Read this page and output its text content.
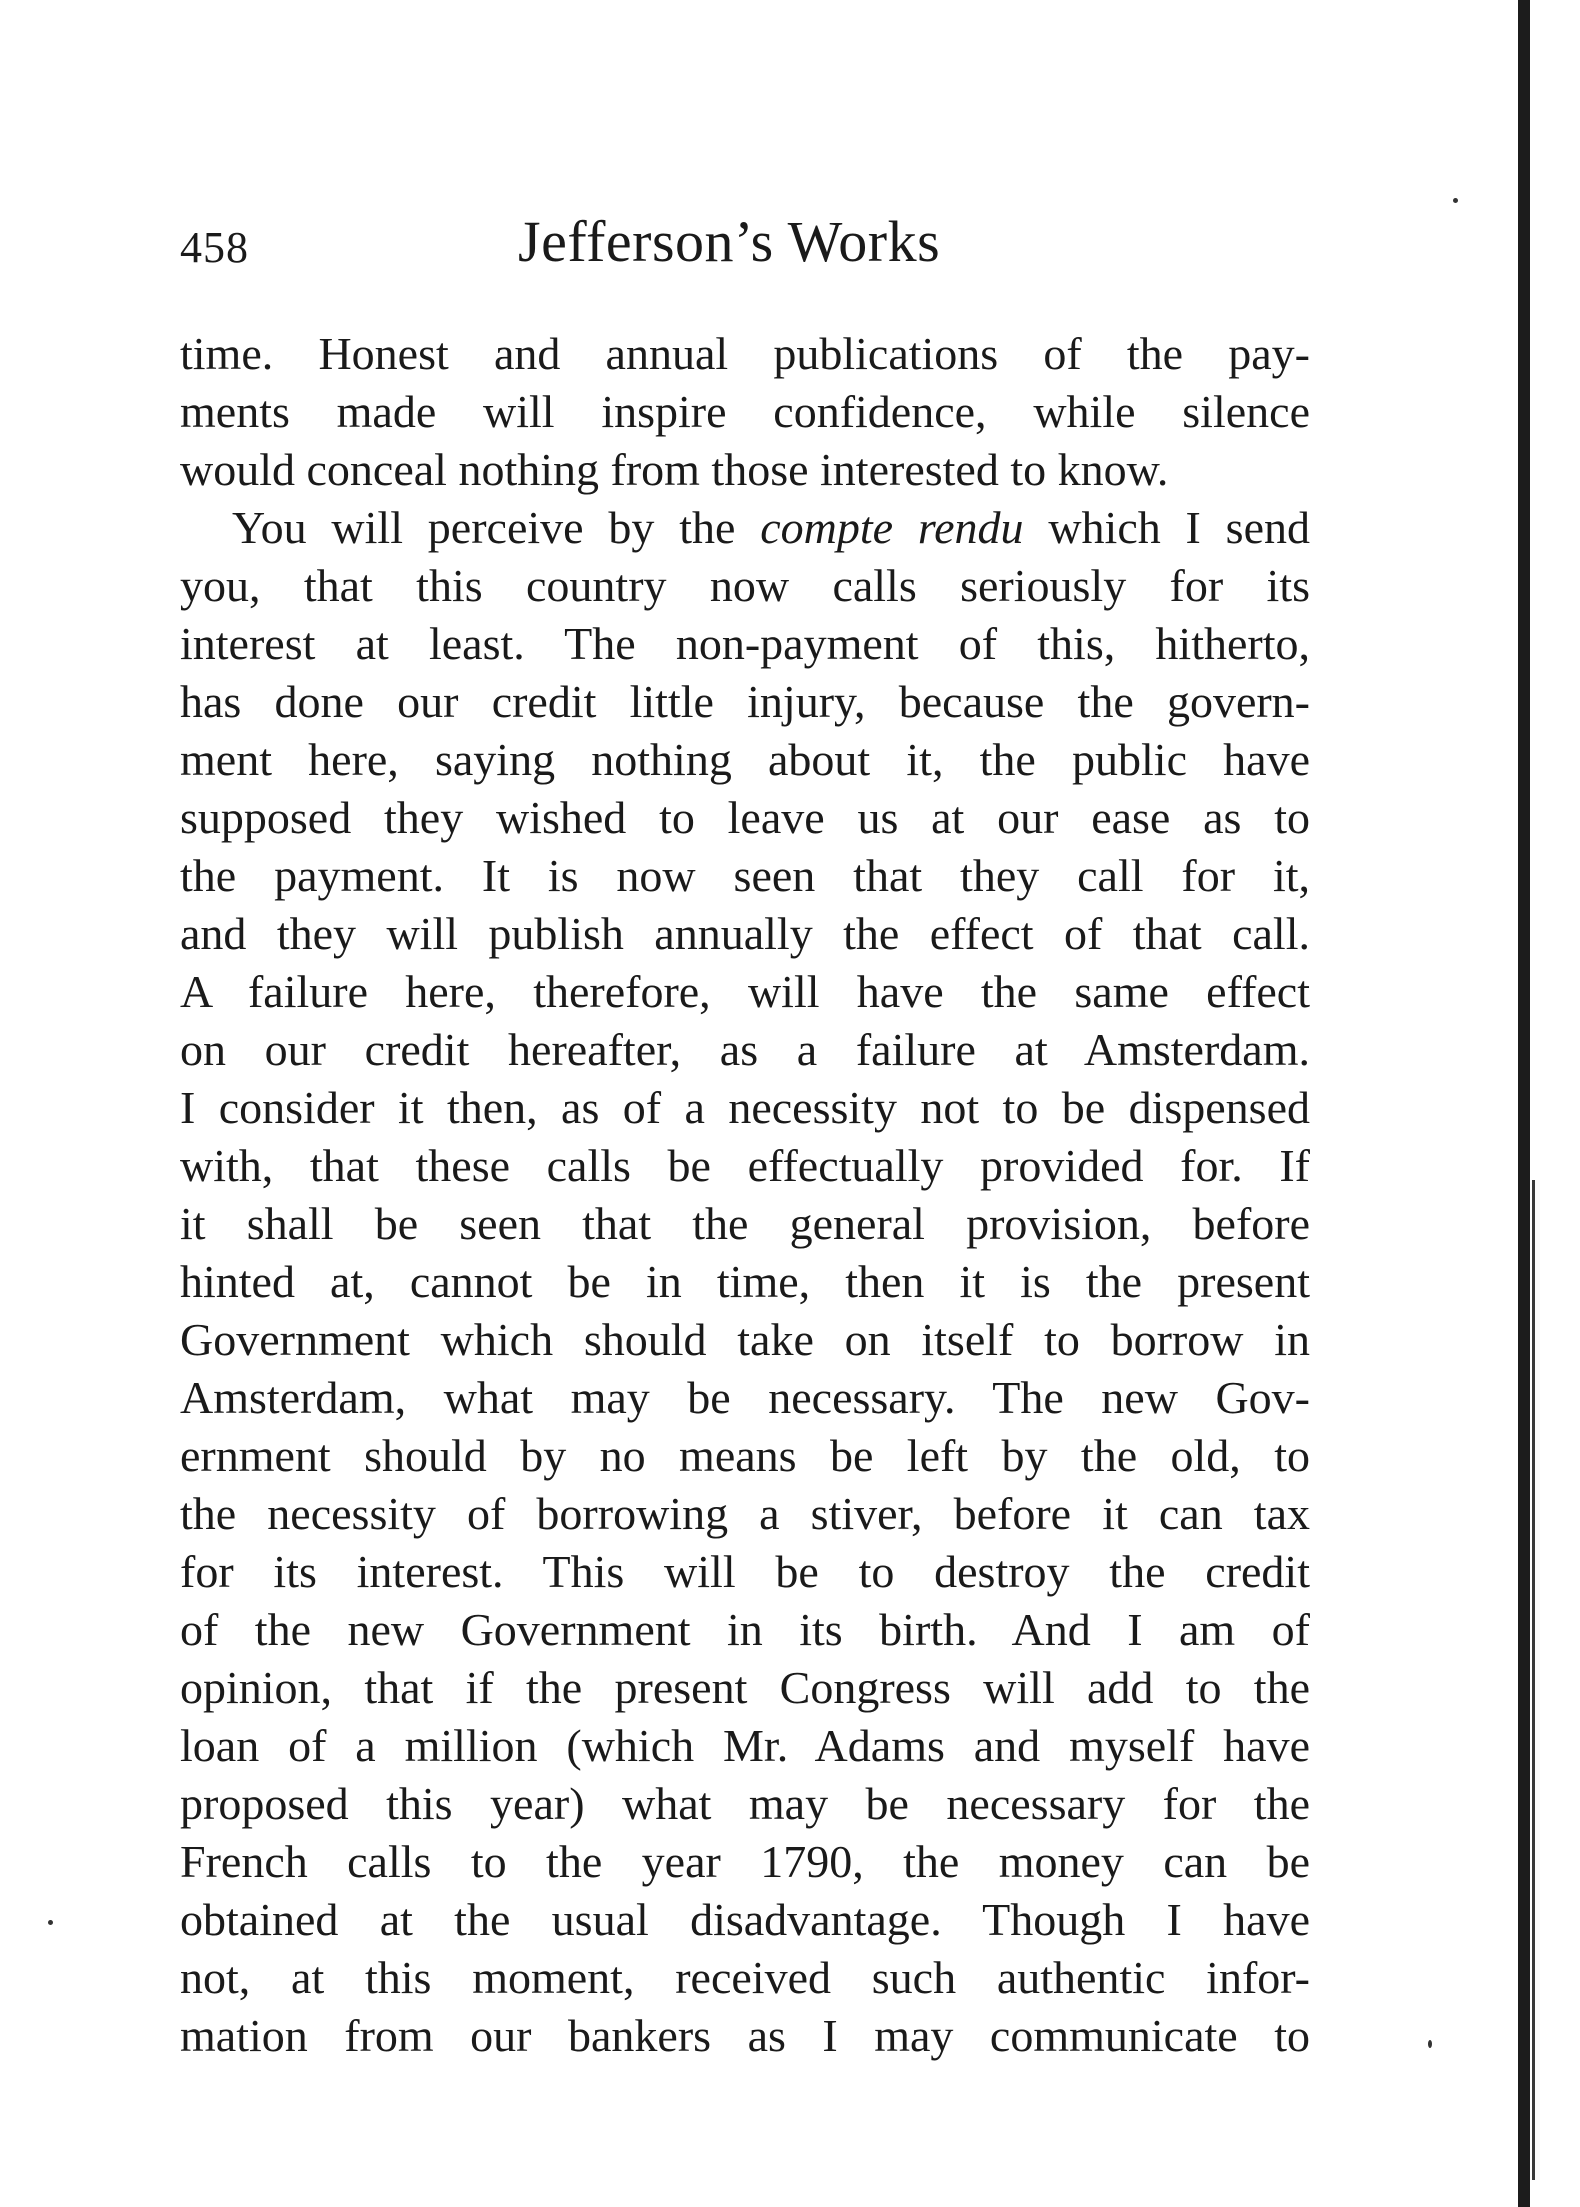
458	Jefferson’s Works
time. Honest and annual publications of the pay-
ments made will inspire confidence, while silence
would conceal nothing from those interested to know.
You will perceive by the compte rendu which I send
you, that this country now calls seriously for its
interest at least. The non-payment of this, hitherto,
has done our credit little injury, because the govern-
ment here, saying nothing about it, the public have
supposed they wished to leave us at our ease as to
the payment. It is now seen that they call for it,
and they will publish annually the effect of that call.
A failure here, therefore, will have the same effect
on our credit hereafter, as a failure at Amsterdam.
I consider it then, as of a necessity not to be dispensed
with, that these calls be effectually provided for. If
it shall be seen that the general provision, before
hinted at, cannot be in time, then it is the present
Government which should take on itself to borrow in
Amsterdam, what may be necessary. The new Gov-
ernment should by no means be left by the old, to
the necessity of borrowing a stiver, before it can tax
for its interest. This will be to destroy the credit
of the new Government in its birth. And I am of
opinion, that if the present Congress will add to the
loan of a million (which Mr. Adams and myself have
proposed this year) what may be necessary for the
French calls to the year 1790, the money can be
obtained at the usual disadvantage. Though I have
not, at this moment, received such authentic infor-
mation from our bankers as I may communicate to
